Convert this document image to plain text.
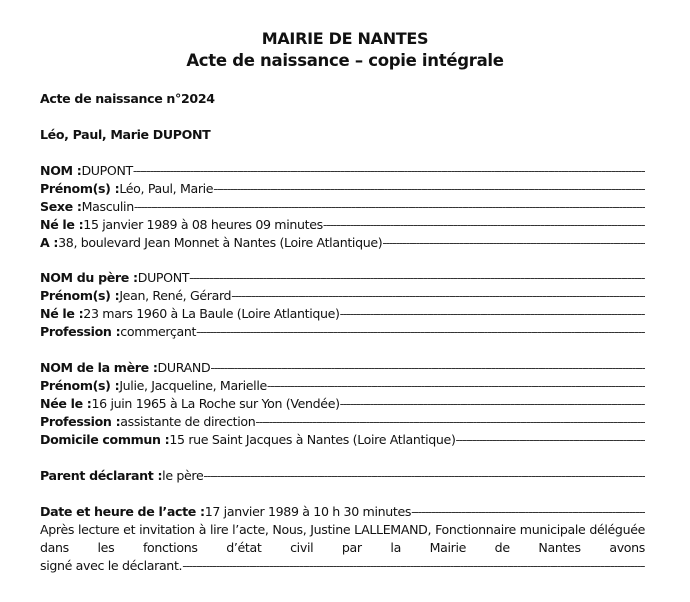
MAIRIE DE NANTES
Acte de naissance – copie intégrale
Acte de naissance n°2024
Léo, Paul, Marie DUPONT
NOM : DUPONT
-----
Prénom(s) : Léo, Paul, Marie
-----
Sexe : Masculin
-----
Né le : 15 janvier 1989 à 08 heures 09 minutes
-----
A : 38, boulevard Jean Monnet à Nantes (Loire Atlantique)
-----
NOM du père : DUPONT
-----
Prénom(s) : Jean, René, Gérard
-----
Né le : 23 mars 1960 à La Baule (Loire Atlantique)
-----
Profession : commerçant
-----
NOM de la mère : DURAND
-----
Prénom(s) : Julie, Jacqueline, Marielle
-----
Née le : 16 juin 1965 à La Roche sur Yon (Vendée)
-----
Profession : assistante de direction
-----
Domicile commun : 15 rue Saint Jacques à Nantes (Loire Atlantique)
-----
Parent déclarant : le père
-----
Date et heure de l’acte : 17 janvier 1989 à 10 h 30 minutes
-----
Après lecture et invitation à lire l’acte, Nous, Justine LALLEMAND, Fonctionnaire municipale déléguée dans les fonctions d’état civil par la Mairie de Nantes avons
signé avec le déclarant.
-----
